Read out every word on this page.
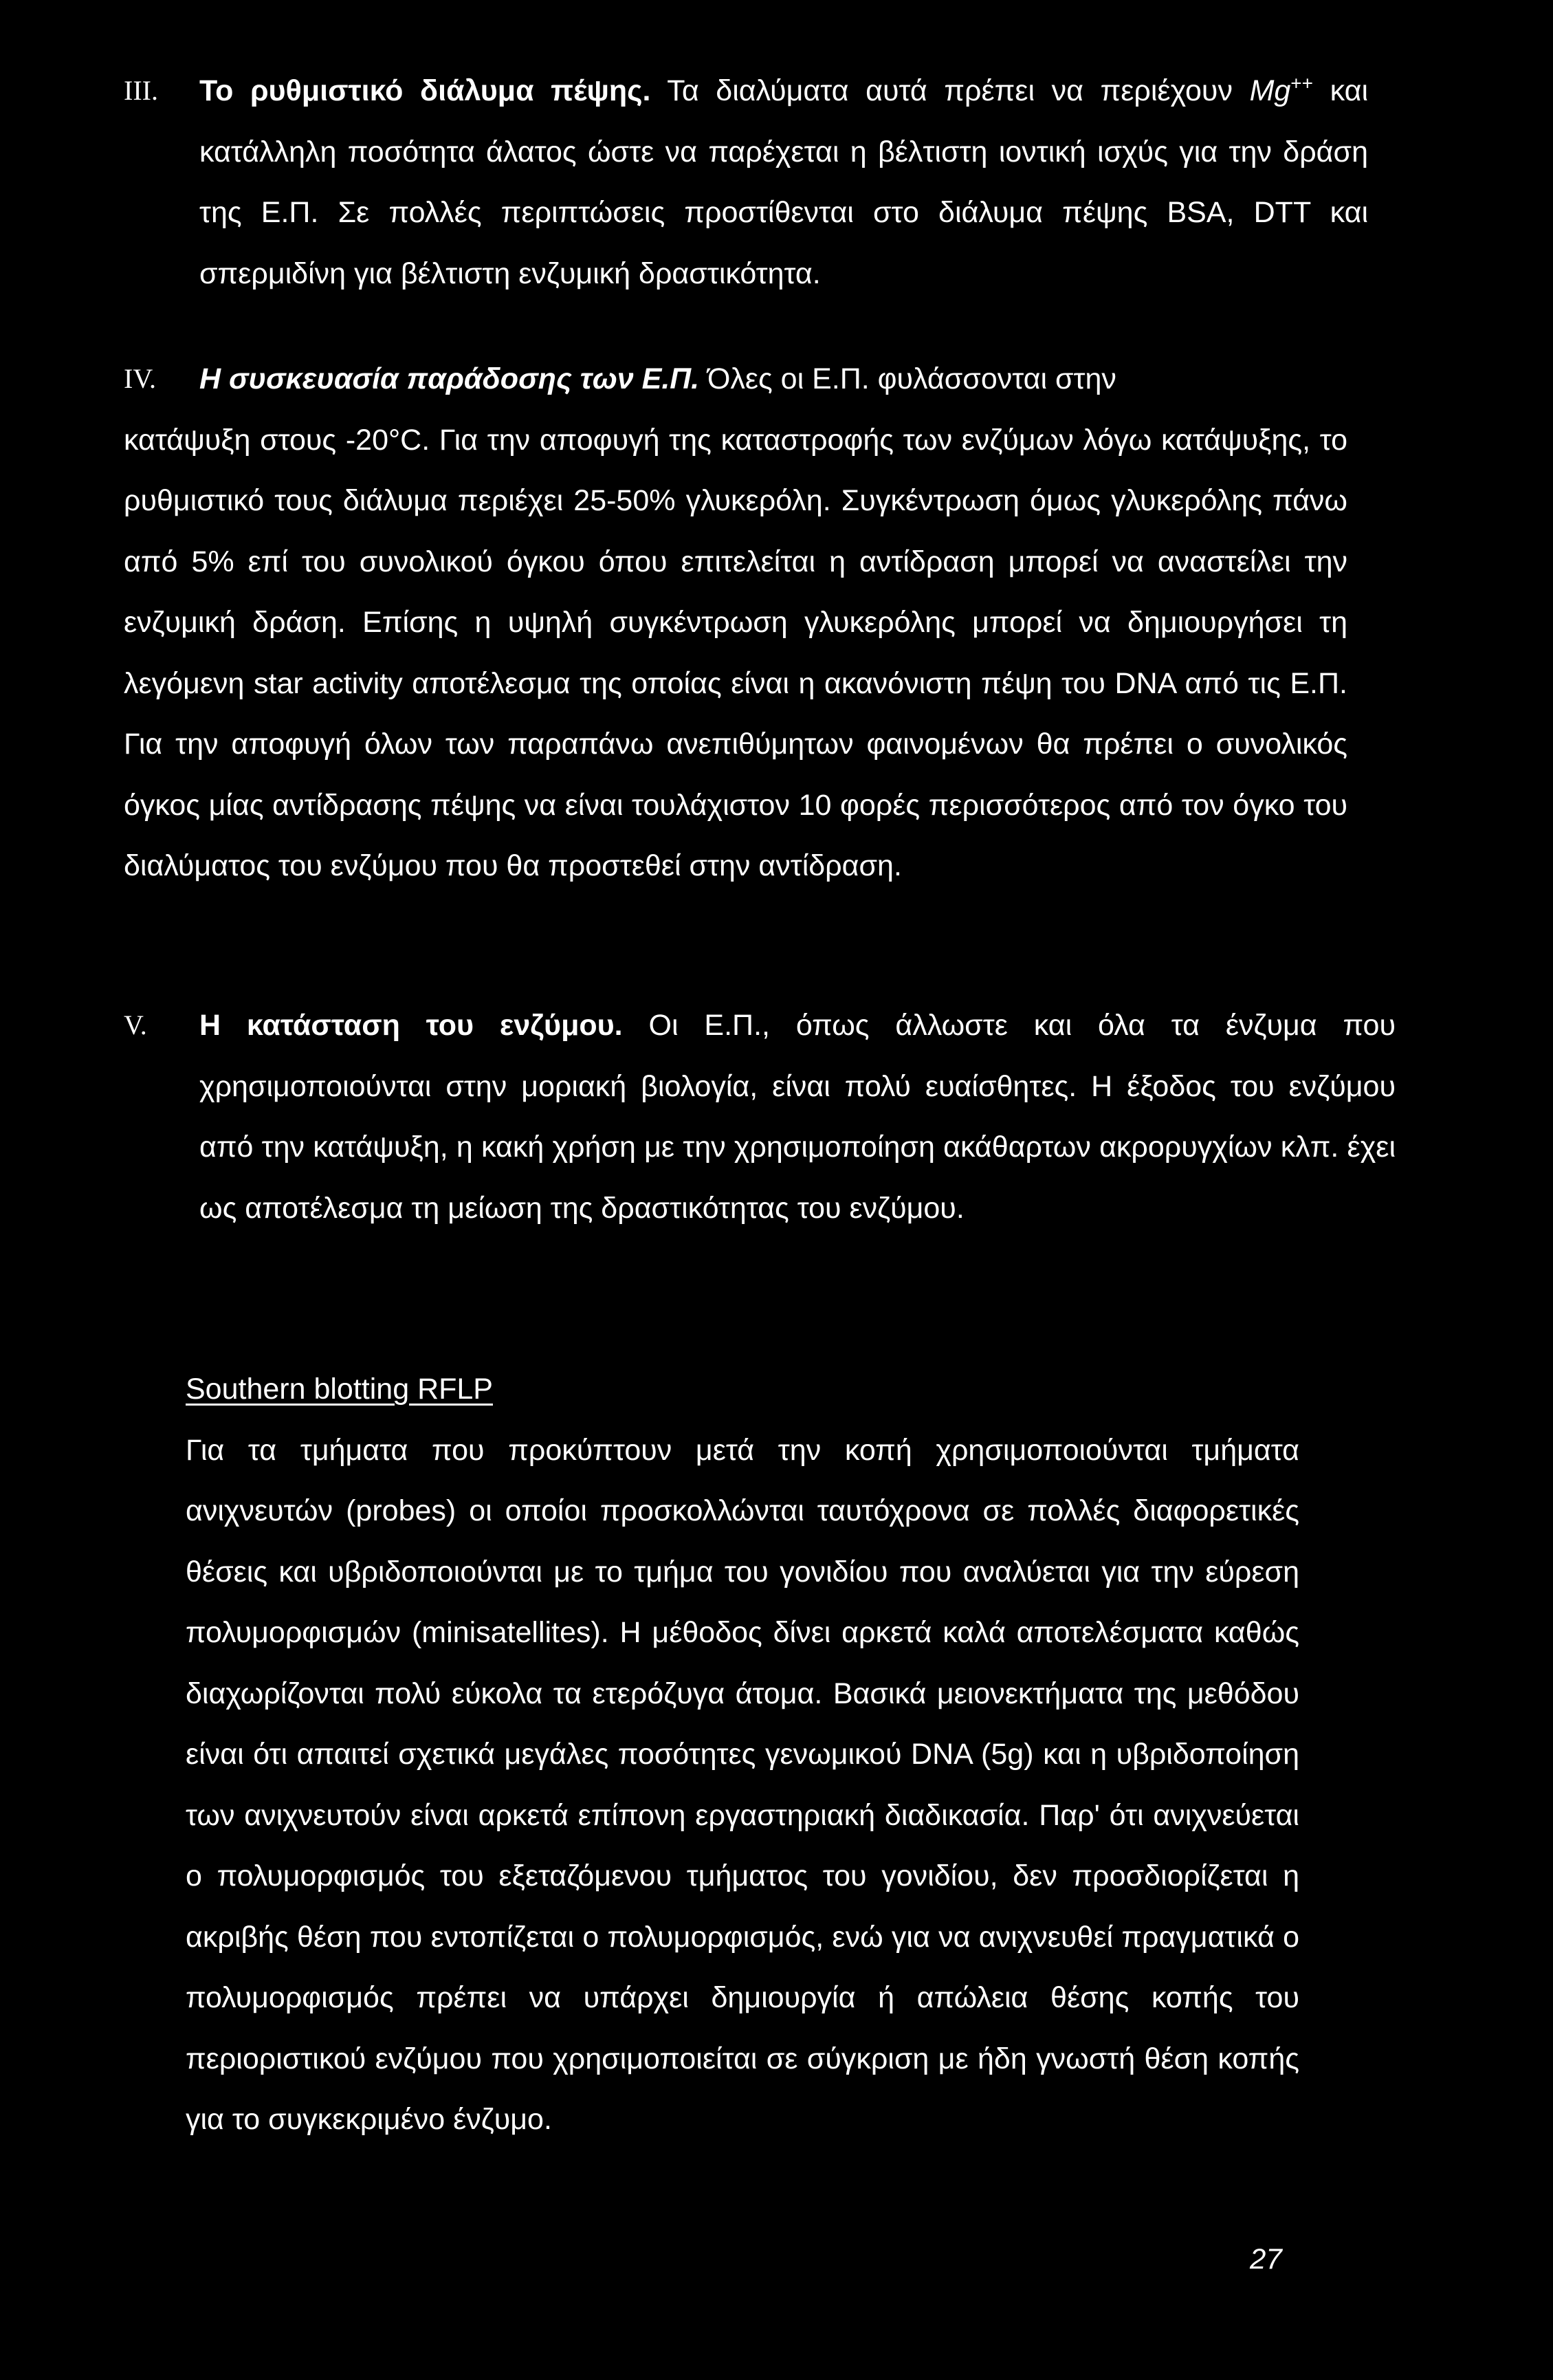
III. Το ρυθμιστικό διάλυμα πέψης. Τα διαλύματα αυτά πρέπει να περιέχουν Mg++ και κατάλληλη ποσότητα άλατος ώστε να παρέχεται η βέλτιστη ιοντική ισχύς για την δράση της Ε.Π. Σε πολλές περιπτώσεις προστίθενται στο διάλυμα πέψης BSA, DTT και σπερμιδίνη για βέλτιστη ενζυμική δραστικότητα.
IV. Η συσκευασία παράδοσης των Ε.Π. Όλες οι Ε.Π. φυλάσσονται στην
κατάψυξη στους -20°C. Για την αποφυγή της καταστροφής των ενζύμων λόγω κατάψυξης, το ρυθμιστικό τους διάλυμα περιέχει 25-50% γλυκερόλη. Συγκέντρωση όμως γλυκερόλης πάνω από 5% επί του συνολικού όγκου όπου επιτελείται η αντίδραση μπορεί να αναστείλει την ενζυμική δράση. Επίσης η υψηλή συγκέντρωση γλυκερόλης μπορεί να δημιουργήσει τη λεγόμενη star activity αποτέλεσμα της οποίας είναι η ακανόνιστη πέψη του DNA από τις Ε.Π. Για την αποφυγή όλων των παραπάνω ανεπιθύμητων φαινομένων θα πρέπει ο συνολικός όγκος μίας αντίδρασης πέψης να είναι τουλάχιστον 10 φορές περισσότερος από τον όγκο του διαλύματος του ενζύμου που θα προστεθεί στην αντίδραση.
V. Η κατάσταση του ενζύμου. Οι Ε.Π., όπως άλλωστε και όλα τα ένζυμα που χρησιμοποιούνται στην μοριακή βιολογία, είναι πολύ ευαίσθητες. Η έξοδος του ενζύμου από την κατάψυξη, η κακή χρήση με την χρησιμοποίηση ακάθαρτων ακρορυγχίων κλπ. έχει ως αποτέλεσμα τη μείωση της δραστικότητας του ενζύμου.
Southern blotting RFLP
Για τα τμήματα που προκύπτουν μετά την κοπή χρησιμοποιούνται τμήματα ανιχνευτών (probes) οι οποίοι προσκολλώνται ταυτόχρονα σε πολλές διαφορετικές θέσεις και υβριδοποιούνται με το τμήμα του γονιδίου που αναλύεται για την εύρεση πολυμορφισμών (minisatellites). Η μέθοδος δίνει αρκετά καλά αποτελέσματα καθώς διαχωρίζονται πολύ εύκολα τα ετερόζυγα άτομα. Βασικά μειονεκτήματα της μεθόδου είναι ότι απαιτεί σχετικά μεγάλες ποσότητες γενωμικού DNA (5g) και η υβριδοποίηση των ανιχνευτούν είναι αρκετά επίπονη εργαστηριακή διαδικασία. Παρ' ότι ανιχνεύεται ο πολυμορφισμός του εξεταζόμενου τμήματος του γονιδίου, δεν προσδιορίζεται η ακριβής θέση που εντοπίζεται ο πολυμορφισμός, ενώ για να ανιχνευθεί πραγματικά ο πολυμορφισμός πρέπει να υπάρχει δημιουργία ή απώλεια θέσης κοπής του περιοριστικού ενζύμου που χρησιμοποιείται σε σύγκριση με ήδη γνωστή θέση κοπής για το συγκεκριμένο ένζυμο.
27
